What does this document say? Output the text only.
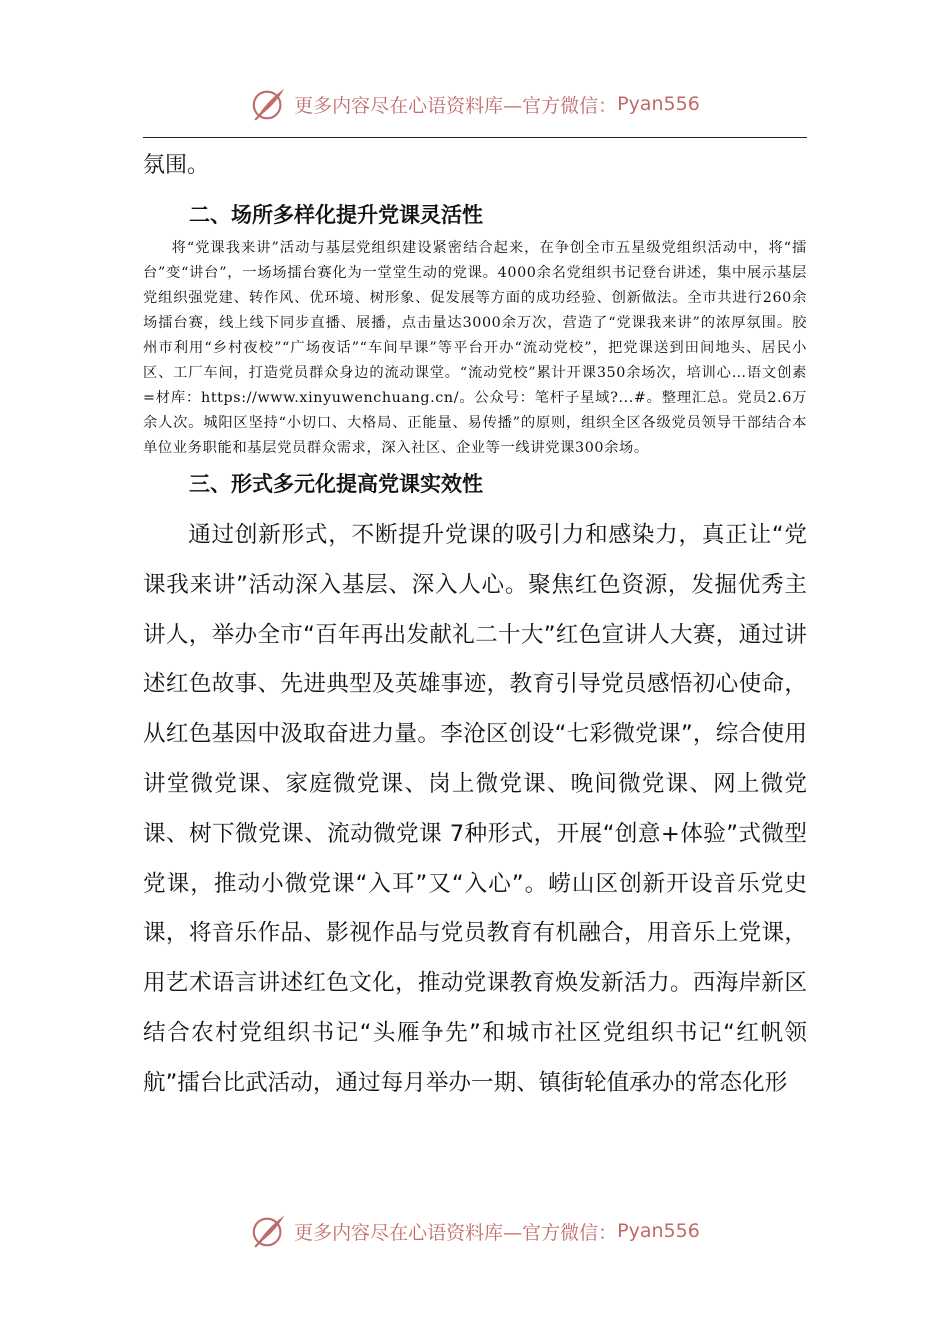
更多内容尽在心语资料库—官方微信： Pyan556

氛围。

二、场所多样化提升党课灵活性

将“党课我来讲”活动与基层党组织建设紧密结合起来，在争创全市五星级党组织活动中，将“擂台”变“讲台”，一场场擂台赛化为一堂堂生动的党课。4000余名党组织书记登台讲述，集中展示基层党组织强党建、转作风、优环境、树形象、促发展等方面的成功经验、创新做法。全市共进行260余场擂台赛，线上线下同步直播、展播，点击量达3000余万次，营造了“党课我来讲”的浓厚氛围。胶州市利用“乡村夜校”“广场夜话”“车间早课”等平台开办“流动党校”，把党课送到田间地头、居民小区、工厂车间，打造党员群众身边的流动课堂。“流动党校”累计开课350余场次，培训心…语文创素=材库：https://www.xinyuwenchuang.cn/。公众号：笔杆子星域?...#。整理汇总。党员2.6万余人次。城阳区坚持“小切口、大格局、正能量、易传播”的原则，组织全区各级党员领导干部结合本单位业务职能和基层党员群众需求，深入社区、企业等一线讲党课300余场。

三、形式多元化提高党课实效性

通过创新形式，不断提升党课的吸引力和感染力，真正让“党课我来讲”活动深入基层、深入人心。聚焦红色资源，发掘优秀主讲人，举办全市“百年再出发献礼二十大”红色宣讲人大赛，通过讲述红色故事、先进典型及英雄事迹，教育引导党员感悟初心使命，从红色基因中汲取奋进力量。李沧区创设“七彩微党课”，综合使用讲堂微党课、家庭微党课、岗上微党课、晚间微党课、网上微党课、树下微党课、流动微党课 7种形式，开展“创意+体验”式微型党课，推动小微党课“入耳”又“入心”。崂山区创新开设音乐党史课，将音乐作品、影视作品与党员教育有机融合，用音乐上党课，用艺术语言讲述红色文化，推动党课教育焕发新活力。西海岸新区结合农村党组织书记“头雁争先”和城市社区党组织书记“红帆领航”擂台比武活动，通过每月举办一期、镇街轮值承办的常态化形

更多内容尽在心语资料库—官方微信： Pyan556
